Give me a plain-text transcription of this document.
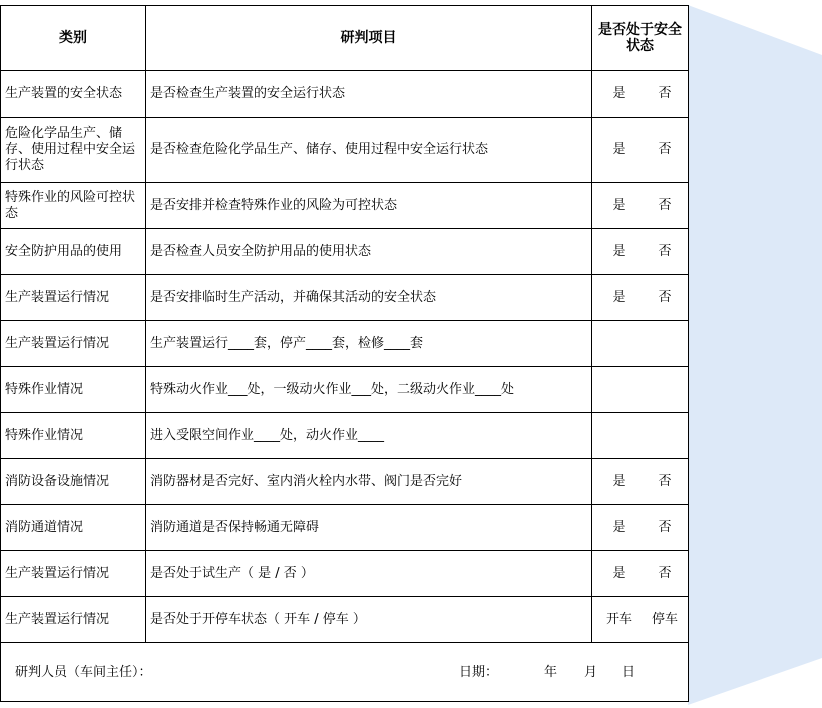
类别	研判项目	是否处于安全状态
生产装置的安全状态	是否检查生产装置的安全运行状态	是 否
危险化学品生产、储存、使用过程中安全运行状态	是否检查危险化学品生产、储存、使用过程中安全运行状态	是 否
特殊作业的风险可控状态	是否安排并检查特殊作业的风险为可控状态	是 否
安全防护用品的使用	是否检查人员安全防护用品的使用状态	是 否
生产装置运行情况	是否安排临时生产活动，并确保其活动的安全状态	是 否
生产装置运行情况	生产装置运行____套，停产____套，检修____套	
特殊作业情况	特殊动火作业___处，一级动火作业___处，二级动火作业____处	
特殊作业情况	进入受限空间作业____处，动火作业____	
消防设备设施情况	消防器材是否完好、室内消火栓内水带、阀门是否完好	是 否
消防通道情况	消防通道是否保持畅通无障碍	是 否
生产装置运行情况	是否处于试生产（ 是 / 否 ）	是 否
生产装置运行情况	是否处于开停车状态（ 开车 / 停车 ）	开车 停车

研判人员（车间主任）： 日期： 年 月 日		
